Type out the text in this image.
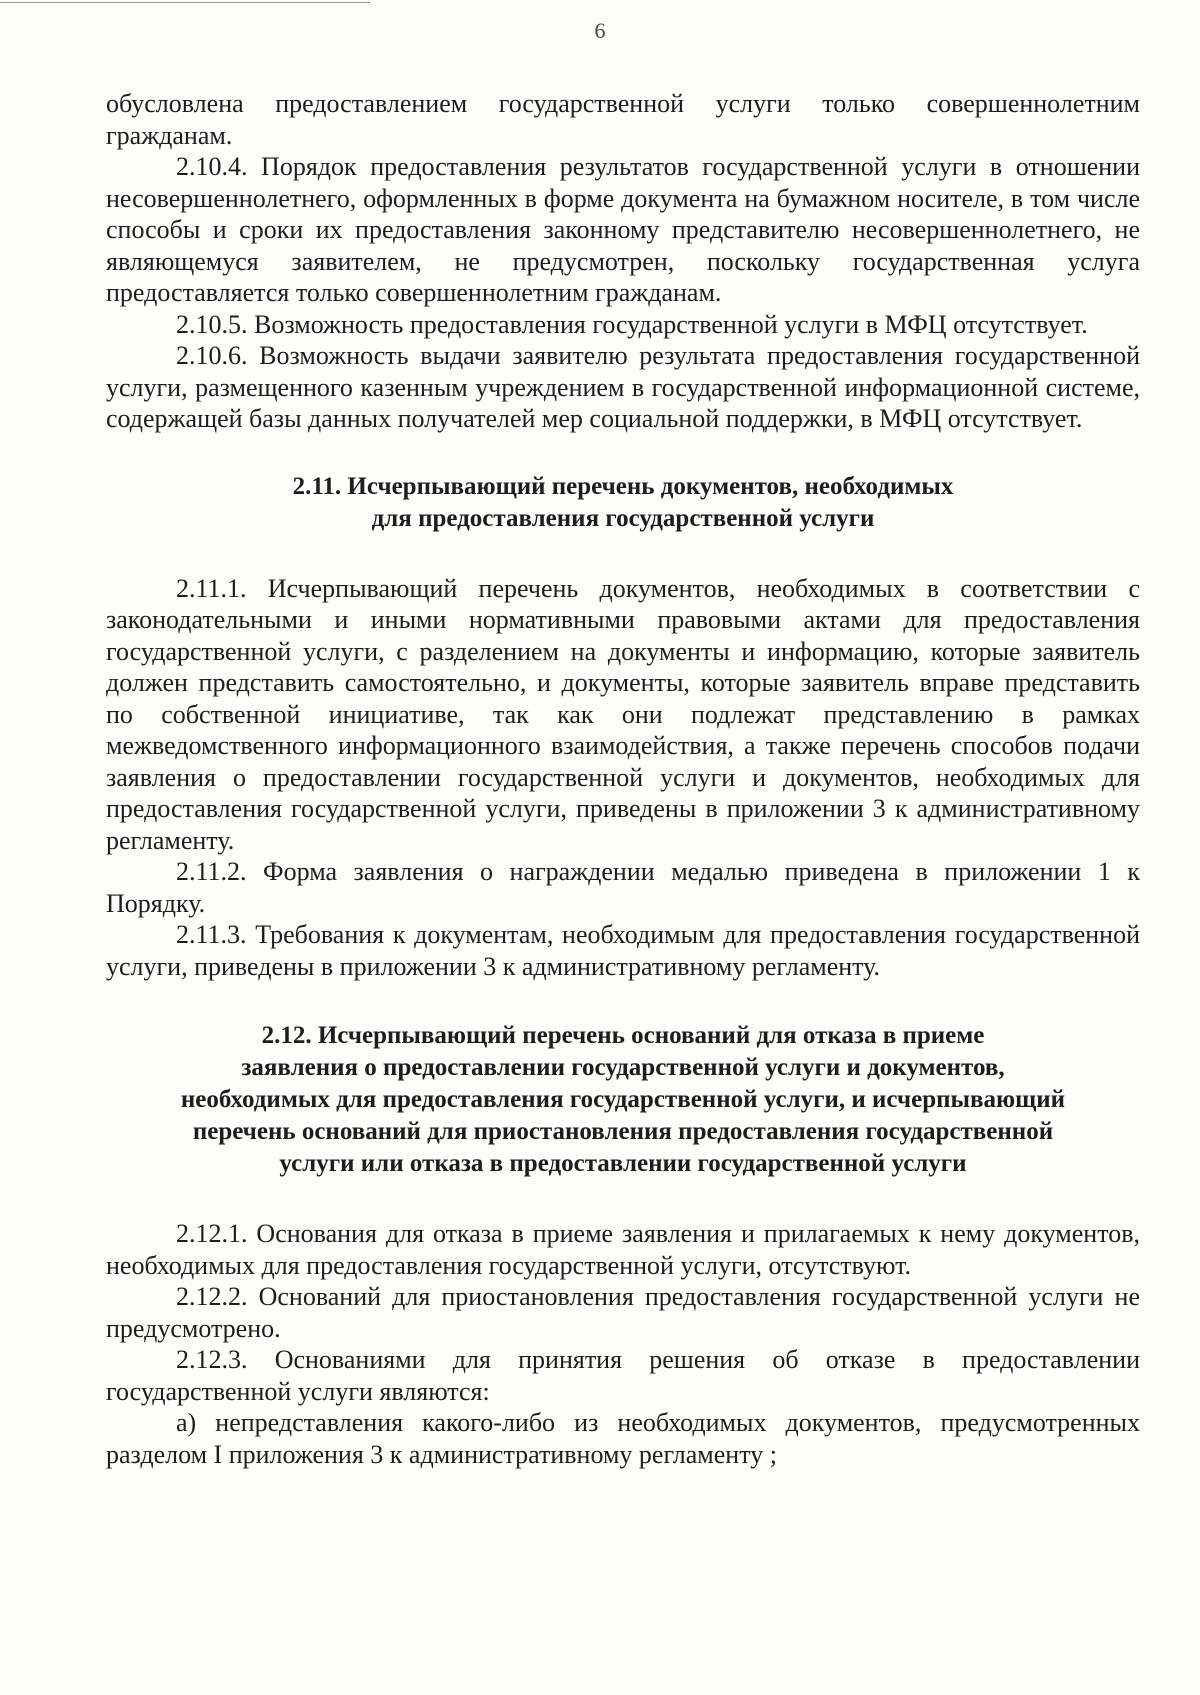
6

обусловлена предоставлением государственной услуги только совершеннолетним гражданам.

2.10.4. Порядок предоставления результатов государственной услуги в отношении несовершеннолетнего, оформленных в форме документа на бумажном носителе, в том числе способы и сроки их предоставления законному представителю несовершеннолетнего, не являющемуся заявителем, не предусмотрен, поскольку государственная услуга предоставляется только совершеннолетним гражданам.

2.10.5. Возможность предоставления государственной услуги в МФЦ отсутствует.

2.10.6. Возможность выдачи заявителю результата предоставления государственной услуги, размещенного казенным учреждением в государственной информационной системе, содержащей базы данных получателей мер социальной поддержки, в МФЦ отсутствует.

2.11. Исчерпывающий перечень документов, необходимых
для предоставления государственной услуги

2.11.1. Исчерпывающий перечень документов, необходимых в соответствии с законодательными и иными нормативными правовыми актами для предоставления государственной услуги, с разделением на документы и информацию, которые заявитель должен представить самостоятельно, и документы, которые заявитель вправе представить по собственной инициативе, так как они подлежат представлению в рамках межведомственного информационного взаимодействия, а также перечень способов подачи заявления о предоставлении государственной услуги и документов, необходимых для предоставления государственной услуги, приведены в приложении 3 к административному регламенту.

2.11.2. Форма заявления о награждении медалью приведена в приложении 1 к Порядку.

2.11.3. Требования к документам, необходимым для предоставления государственной услуги, приведены в приложении 3 к административному регламенту.

2.12. Исчерпывающий перечень оснований для отказа в приеме
заявления о предоставлении государственной услуги и документов,
необходимых для предоставления государственной услуги, и исчерпывающий
перечень оснований для приостановления предоставления государственной
услуги или отказа в предоставлении государственной услуги

2.12.1. Основания для отказа в приеме заявления и прилагаемых к нему документов, необходимых для предоставления государственной услуги, отсутствуют.

2.12.2. Оснований для приостановления предоставления государственной услуги не предусмотрено.

2.12.3. Основаниями для принятия решения об отказе в предоставлении государственной услуги являются:

а) непредставления какого-либо из необходимых документов, предусмотренных разделом I приложения 3 к административному регламенту ;
